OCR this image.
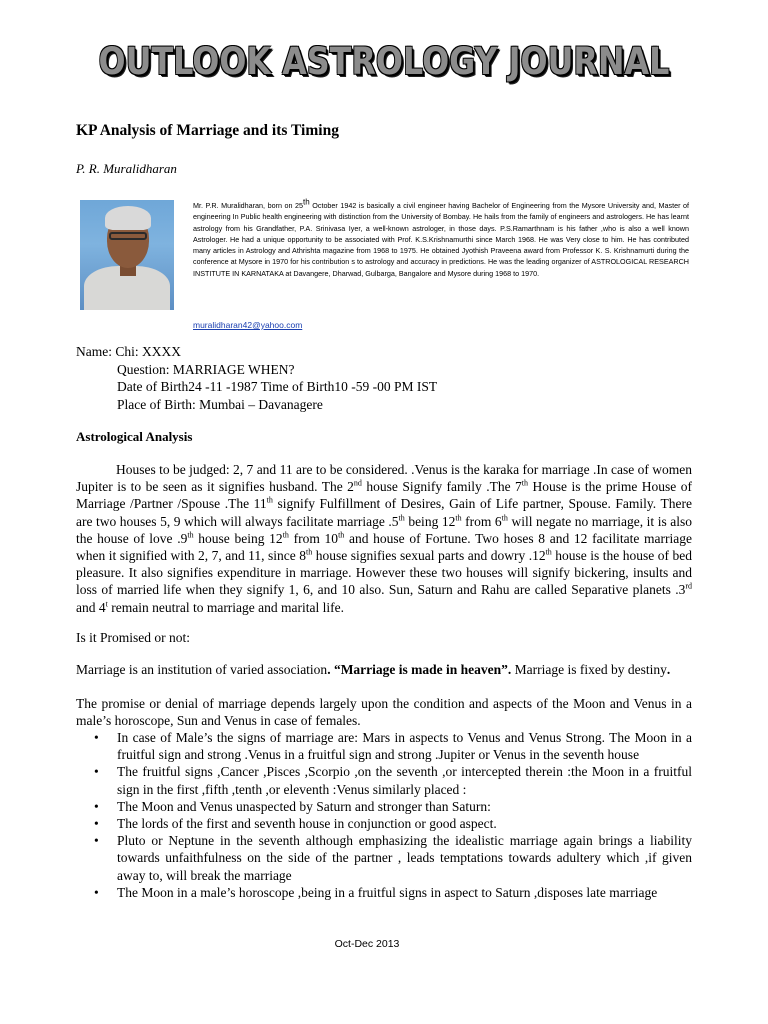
OUTLOOK ASTROLOGY JOURNAL
KP Analysis of Marriage and its Timing
P. R. Muralidharan
Mr. P.R. Muralidharan, born on 25th October 1942 is basically a civil engineer having Bachelor of Engineering from the Mysore University and, Master of engineering In Public health engineering with distinction from the University of Bombay. He hails from the family of engineers and astrologers. He has learnt astrology from his Grandfather, P.A. Srinivasa Iyer, a well-known astrologer, in those days. P.S.Ramarthnam is his father ,who is also a well known Astrologer. He had a unique opportunity to be associated with Prof. K.S.Krishnamurthi since March 1968. He was Very close to him. He has contributed many articles in Astrology and Athrishta magazine from 1968 to 1975. He obtained Jyothish Praveena award from Professor K. S. Krishnamurti during the conference at Mysore in 1970 for his contribution s to astrology and accuracy in predictions. He was the leading organizer of ASTROLOGICAL RESEARCH INSTITUTE IN KARNATAKA at Davangere, Dharwad, Gulbarga, Bangalore and Mysore during 1968 to 1970.
muralidharan42@yahoo.com
Name: Chi: XXXX
Question: MARRIAGE WHEN?
Date of Birth24 -11 -1987 Time of Birth10 -59 -00 PM IST
Place of Birth: Mumbai – Davanagere
Astrological Analysis
Houses to be judged: 2, 7 and 11 are to be considered. .Venus is the karaka for marriage .In case of women Jupiter is to be seen as it signifies husband. The 2nd house Signify family .The 7th House is the prime House of Marriage /Partner /Spouse .The 11th signify Fulfillment of Desires, Gain of Life partner, Spouse. Family. There are two houses 5, 9 which will always facilitate marriage .5th being 12th from 6th will negate no marriage, it is also the house of love .9th house being 12th from 10th and house of Fortune. Two hoses 8 and 12 facilitate marriage when it signified with 2, 7, and 11, since 8th house signifies sexual parts and dowry .12th house is the house of bed pleasure. It also signifies expenditure in marriage. However these two houses will signify bickering, insults and loss of married life when they signify 1, 6, and 10 also. Sun, Saturn and Rahu are called Separative planets .3rd and 4$^t$ remain neutral to marriage and marital life.
Is it Promised or not:
Marriage is an institution of varied association. “Marriage is made in heaven”. Marriage is fixed by destiny.
The promise or denial of marriage depends largely upon the condition and aspects of the Moon and Venus in a male’s horoscope, Sun and Venus in case of females.
• In case of Male’s the signs of marriage are: Mars in aspects to Venus and Venus Strong. The Moon in a fruitful sign and strong .Venus in a fruitful sign and strong .Jupiter or Venus in the seventh house
• The fruitful signs ,Cancer ,Pisces ,Scorpio ,on the seventh ,or intercepted therein :the Moon in a fruitful sign in the first ,fifth ,tenth ,or eleventh :Venus similarly placed :
• The Moon and Venus unaspected by Saturn and stronger than Saturn:
• The lords of the first and seventh house in conjunction or good aspect.
• Pluto or Neptune in the seventh although emphasizing the idealistic marriage again brings a liability towards unfaithfulness on the side of the partner , leads temptations towards adultery which ,if given away to, will break the marriage
• The Moon in a male’s horoscope ,being in a fruitful signs in aspect to Saturn ,disposes late marriage
Oct-Dec 2013
